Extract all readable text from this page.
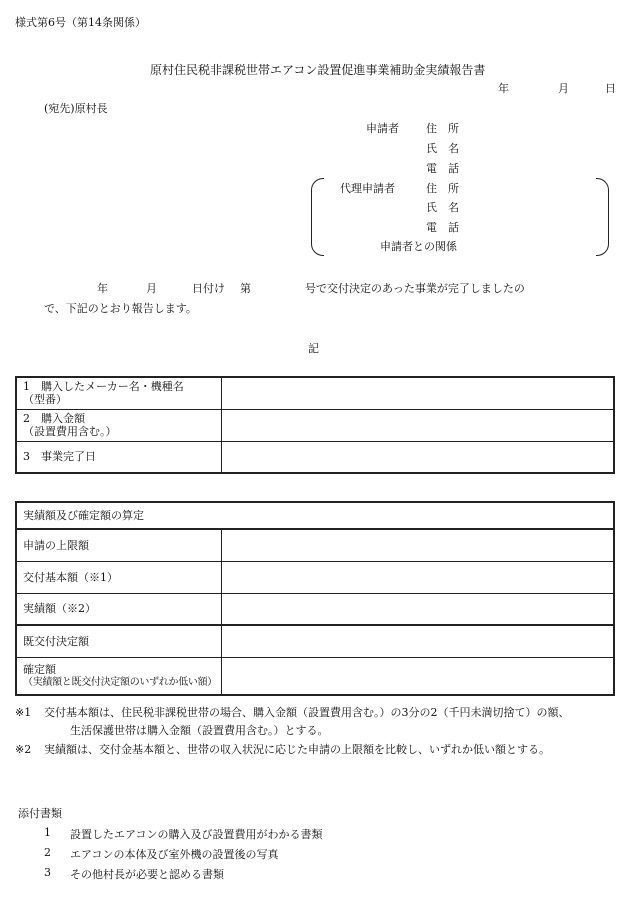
様式第6号（第14条関係）
原村住民税非課税世帯エアコン設置促進事業補助金実績報告書
年	月	日
(宛先)原村長
申請者 住　所
氏　名
電　話
代理申請者	住　所
氏　名
電　話
申請者との関係
年	月	日付け 第	号で交付決定のあった事業が完了しましたの
で、下記のとおり報告します。
記
1　購入したメーカー名・機種名
（型番）	

2　購入金額
（設置費用含む。）	

3　事業完了日	

実績額及び確定額の算定	
申請の上限額	
交付基本額（※1）	
実績額（※2）	
既交付決定額	

確定額
（実績額と既交付決定額のいずれか低い額）	

※1 交付基本額は、住民税非課税世帯の場合、購入金額（設置費用含む。）の3分の2（千円未満切捨て）の額、
生活保護世帯は購入金額（設置費用含む。）とする。
※2 実績額は、交付金基本額と、世帯の収入状況に応じた申請の上限額を比較し、いずれか低い額とする。
添付書類
1 設置したエアコンの購入及び設置費用がわかる書類
2 エアコンの本体及び室外機の設置後の写真
3 その他村長が必要と認める書類
